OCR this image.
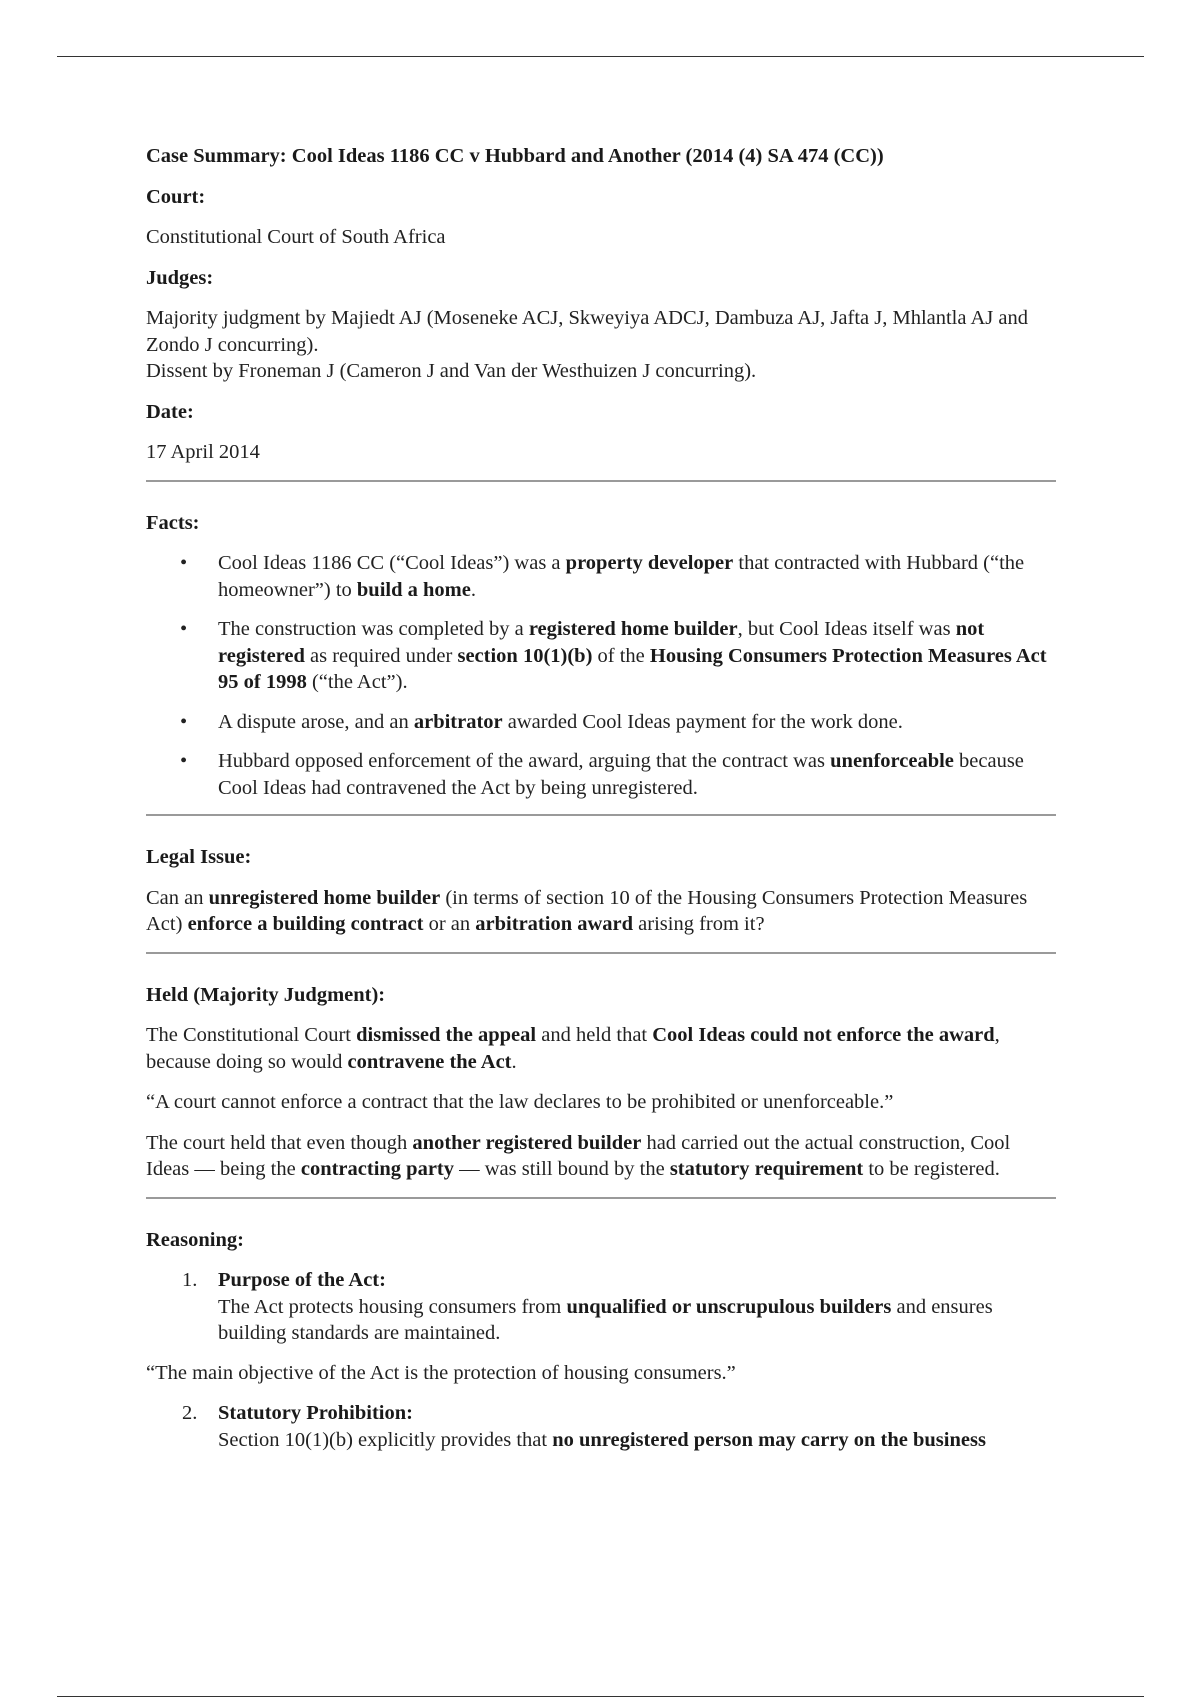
Case Summary: Cool Ideas 1186 CC v Hubbard and Another (2014 (4) SA 474 (CC))

Court:

Constitutional Court of South Africa

Judges:

Majority judgment by Majiedt AJ (Moseneke ACJ, Skweyiya ADCJ, Dambuza AJ, Jafta J, Mhlantla AJ and Zondo J concurring).
Dissent by Froneman J (Cameron J and Van der Westhuizen J concurring).

Date:

17 April 2014

Facts:

• Cool Ideas 1186 CC (“Cool Ideas”) was a property developer that contracted with Hubbard (“the homeowner”) to build a home.
• The construction was completed by a registered home builder, but Cool Ideas itself was not registered as required under section 10(1)(b) of the Housing Consumers Protection Measures Act 95 of 1998 (“the Act”).
• A dispute arose, and an arbitrator awarded Cool Ideas payment for the work done.
• Hubbard opposed enforcement of the award, arguing that the contract was unenforceable because Cool Ideas had contravened the Act by being unregistered.

Legal Issue:

Can an unregistered home builder (in terms of section 10 of the Housing Consumers Protection Measures Act) enforce a building contract or an arbitration award arising from it?

Held (Majority Judgment):

The Constitutional Court dismissed the appeal and held that Cool Ideas could not enforce the award, because doing so would contravene the Act.

“A court cannot enforce a contract that the law declares to be prohibited or unenforceable.”

The court held that even though another registered builder had carried out the actual construction, Cool Ideas — being the contracting party — was still bound by the statutory requirement to be registered.

Reasoning:

1. Purpose of the Act:
The Act protects housing consumers from unqualified or unscrupulous builders and ensures building standards are maintained.

“The main objective of the Act is the protection of housing consumers.”

2. Statutory Prohibition:
Section 10(1)(b) explicitly provides that no unregistered person may carry on the business
